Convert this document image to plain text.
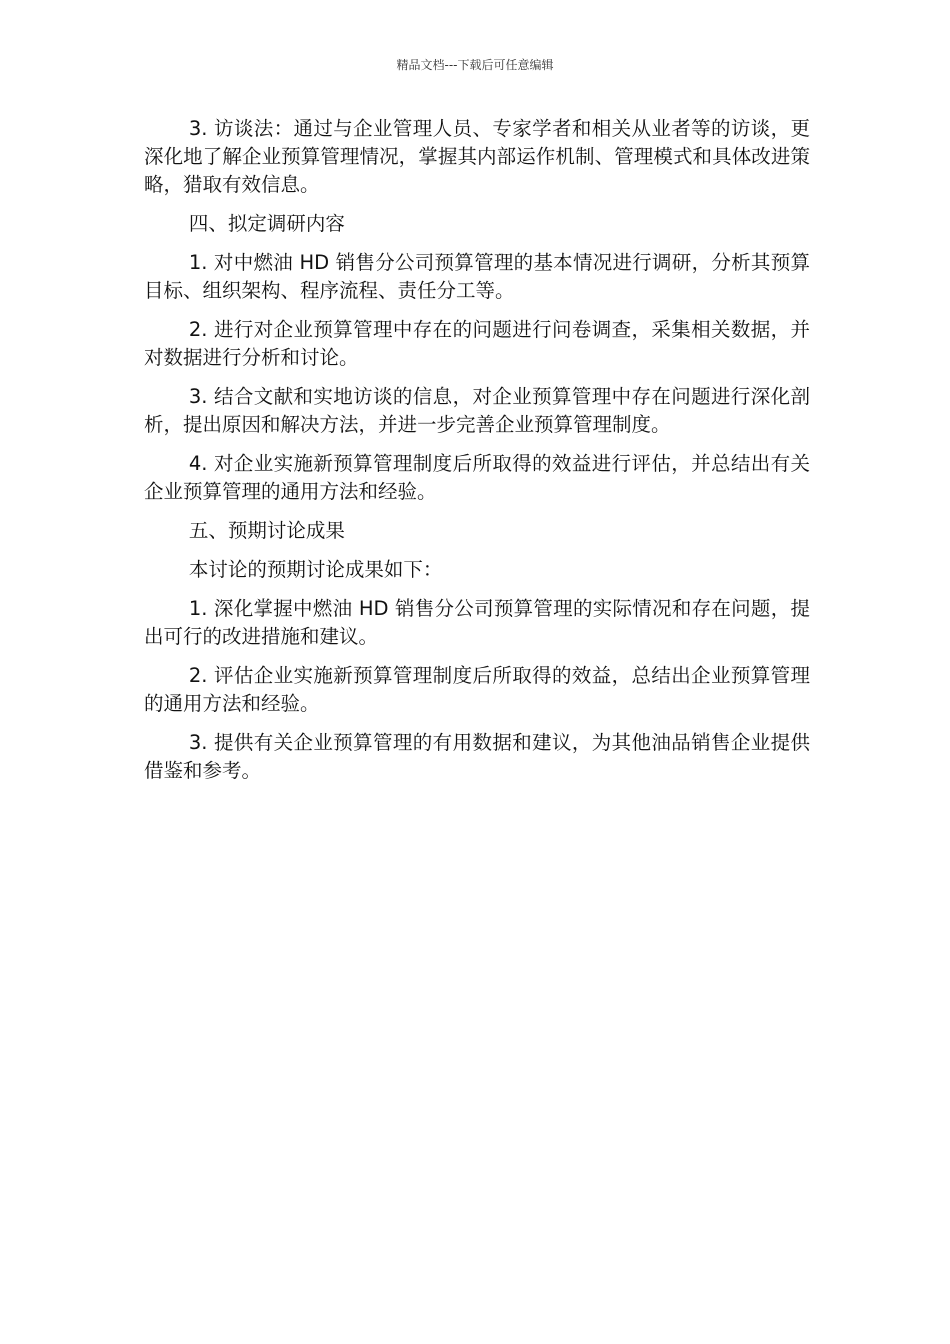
精品文档---下载后可任意编辑

3. 访谈法：通过与企业管理人员、专家学者和相关从业者等的访谈，更深化地了解企业预算管理情况，掌握其内部运作机制、管理模式和具体改进策略，猎取有效信息。

四、拟定调研内容

1. 对中燃油 HD 销售分公司预算管理的基本情况进行调研，分析其预算目标、组织架构、程序流程、责任分工等。

2. 进行对企业预算管理中存在的问题进行问卷调查，采集相关数据，并对数据进行分析和讨论。

3. 结合文献和实地访谈的信息，对企业预算管理中存在问题进行深化剖析，提出原因和解决方法，并进一步完善企业预算管理制度。

4. 对企业实施新预算管理制度后所取得的效益进行评估，并总结出有关企业预算管理的通用方法和经验。

五、预期讨论成果

本讨论的预期讨论成果如下：

1. 深化掌握中燃油 HD 销售分公司预算管理的实际情况和存在问题，提出可行的改进措施和建议。

2. 评估企业实施新预算管理制度后所取得的效益，总结出企业预算管理的通用方法和经验。

3. 提供有关企业预算管理的有用数据和建议，为其他油品销售企业提供借鉴和参考。
